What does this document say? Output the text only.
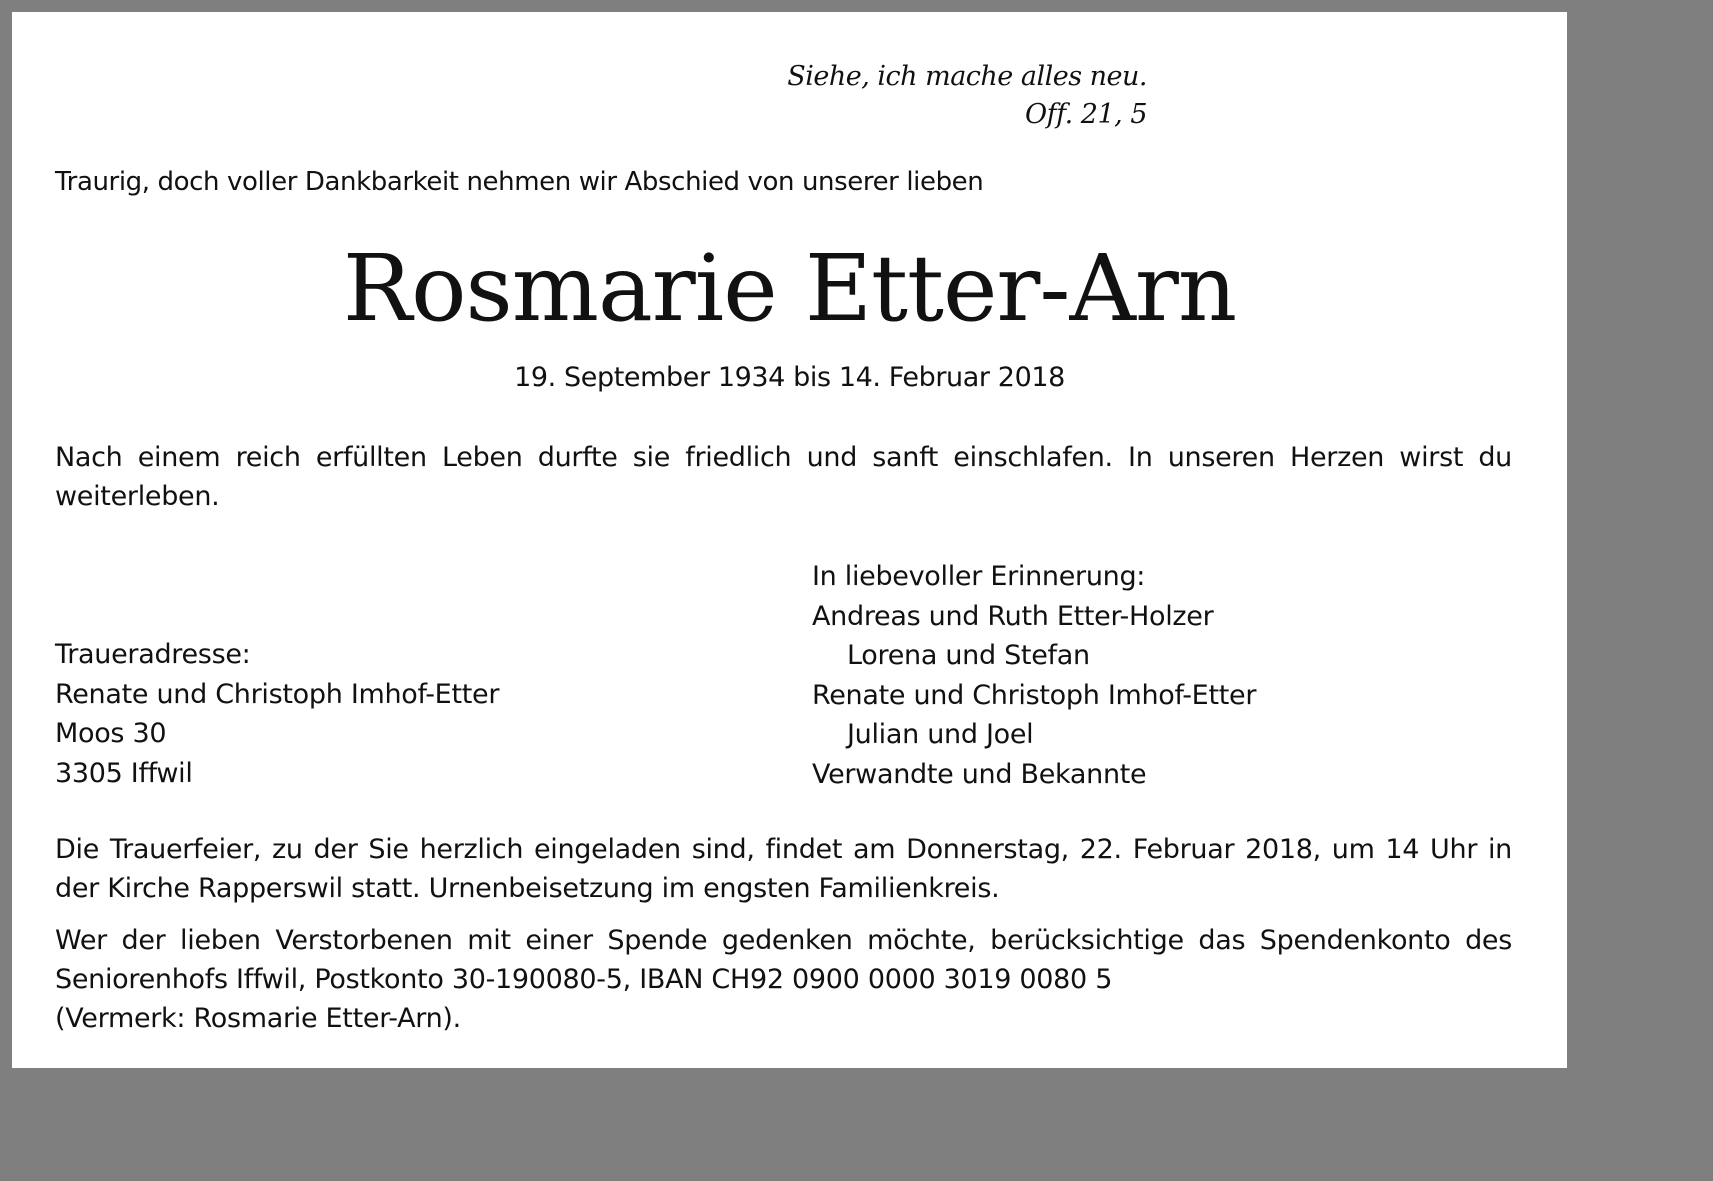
Siehe, ich mache alles neu.
Off. 21, 5
Traurig, doch voller Dankbarkeit nehmen wir Abschied von unserer lieben
Rosmarie Etter-Arn
19. September 1934 bis 14. Februar 2018
Nach einem reich erfüllten Leben durfte sie friedlich und sanft einschlafen. In unseren Herzen wirst du weiterleben.
Traueradresse:
Renate und Christoph Imhof-Etter
Moos 30
3305 Iffwil
In liebevoller Erinnerung:
Andreas und Ruth Etter-Holzer
Lorena und Stefan
Renate und Christoph Imhof-Etter
Julian und Joel
Verwandte und Bekannte
Die Trauerfeier, zu der Sie herzlich eingeladen sind, findet am Donnerstag, 22. Februar 2018, um 14 Uhr in der Kirche Rapperswil statt. Urnenbeisetzung im engsten Familienkreis.
Wer der lieben Verstorbenen mit einer Spende gedenken möchte, berücksichtige das Spendenkonto des Seniorenhofs Iffwil, Postkonto 30-190080-5, IBAN CH92 0900 0000 3019 0080 5
(Vermerk: Rosmarie Etter-Arn).
